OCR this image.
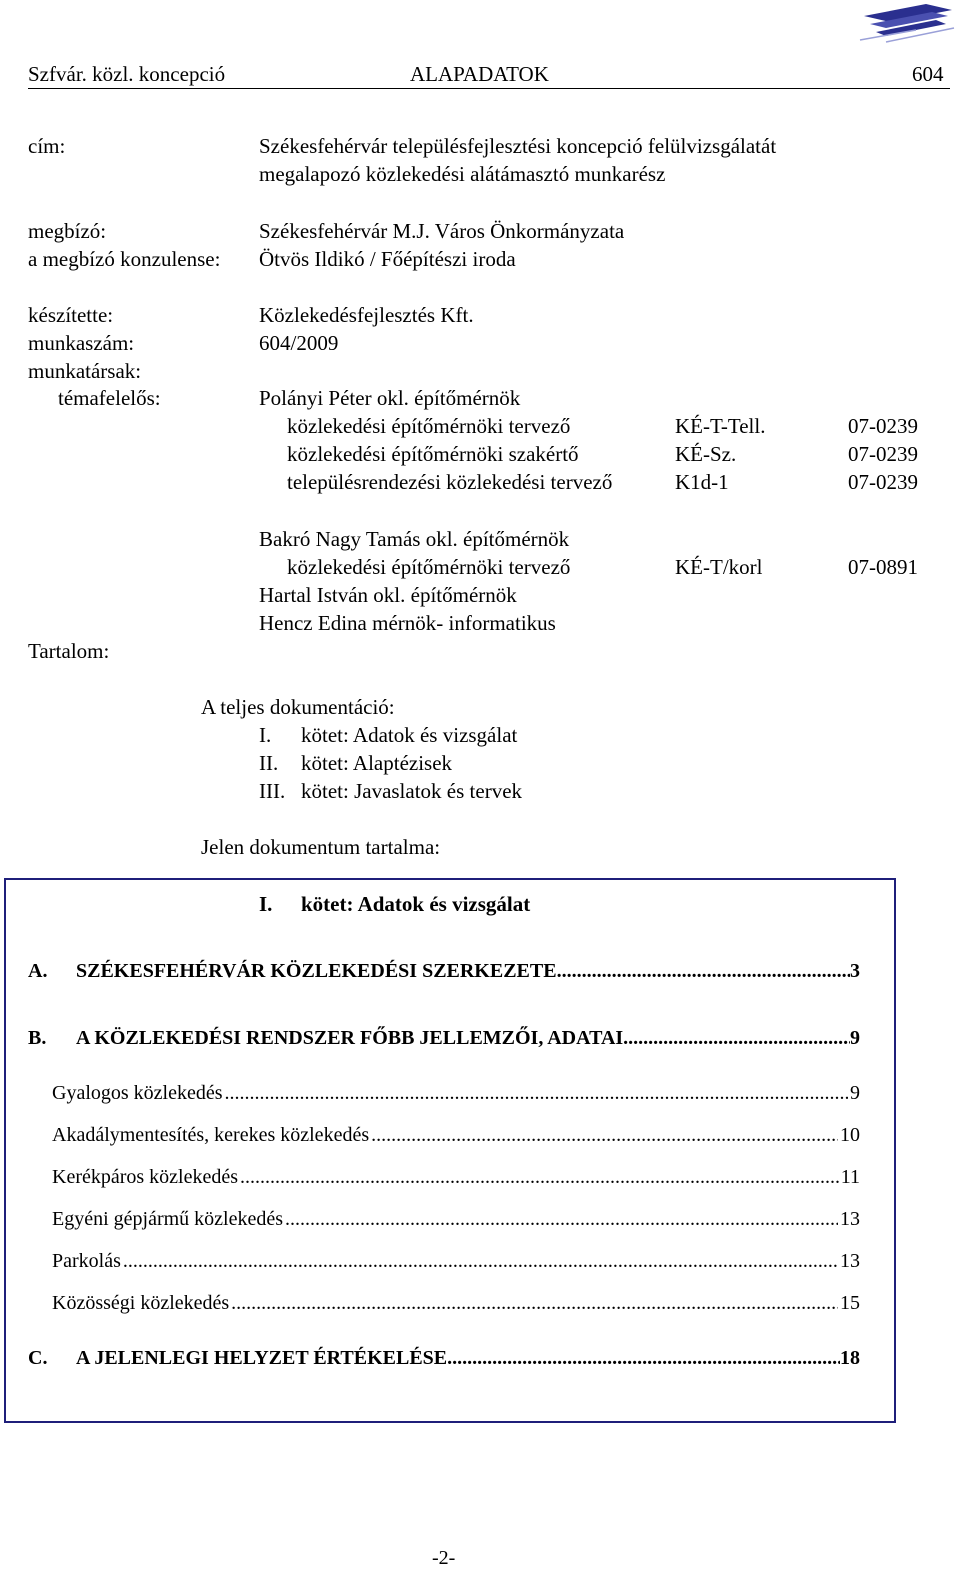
Szfvár. közl. koncepció	ALAPADATOK	604
cím:	Székesfehérvár településfejlesztési koncepció felülvizsgálatát
megalapozó közlekedési alátámasztó munkarész
megbízó:	Székesfehérvár M.J. Város Önkormányzata
a megbízó konzulense: Ötvös Ildikó / Főépítészi iroda
készítette:	Közlekedésfejlesztés Kft.
munkaszám:	604/2009
munkatársak:
témafelelős:	Polányi Péter okl. építőmérnök
közlekedési építőmérnöki tervező	KÉ-T-Tell.	07-0239
közlekedési építőmérnöki szakértő	KÉ-Sz.	07-0239
településrendezési közlekedési tervező	K1d-1	07-0239
Bakró Nagy Tamás okl. építőmérnök
közlekedési építőmérnöki tervező	KÉ-T/korl	07-0891
Hartal István okl. építőmérnök
Hencz Edina mérnök- informatikus
Tartalom:
A teljes dokumentáció:
I. kötet: Adatok és vizsgálat
II. kötet: Alaptézisek
III. kötet: Javaslatok és tervek
Jelen dokumentum tartalma:
I. kötet: Adatok és vizsgálat
A.	SZÉKESFEHÉRVÁR KÖZLEKEDÉSI SZERKEZETE .....	3
B.	A KÖZLEKEDÉSI RENDSZER FŐBB JELLEMZŐI, ADATAI .....	9
Gyalogos közlekedés .....	9
Akadálymentesítés, kerekes közlekedés .....	10
Kerékpáros közlekedés .....	11
Egyéni gépjármű közlekedés .....	13
Parkolás .....	13
Közösségi közlekedés .....	15
C.	A JELENLEGI HELYZET ÉRTÉKELÉSE .....	18
-2-
